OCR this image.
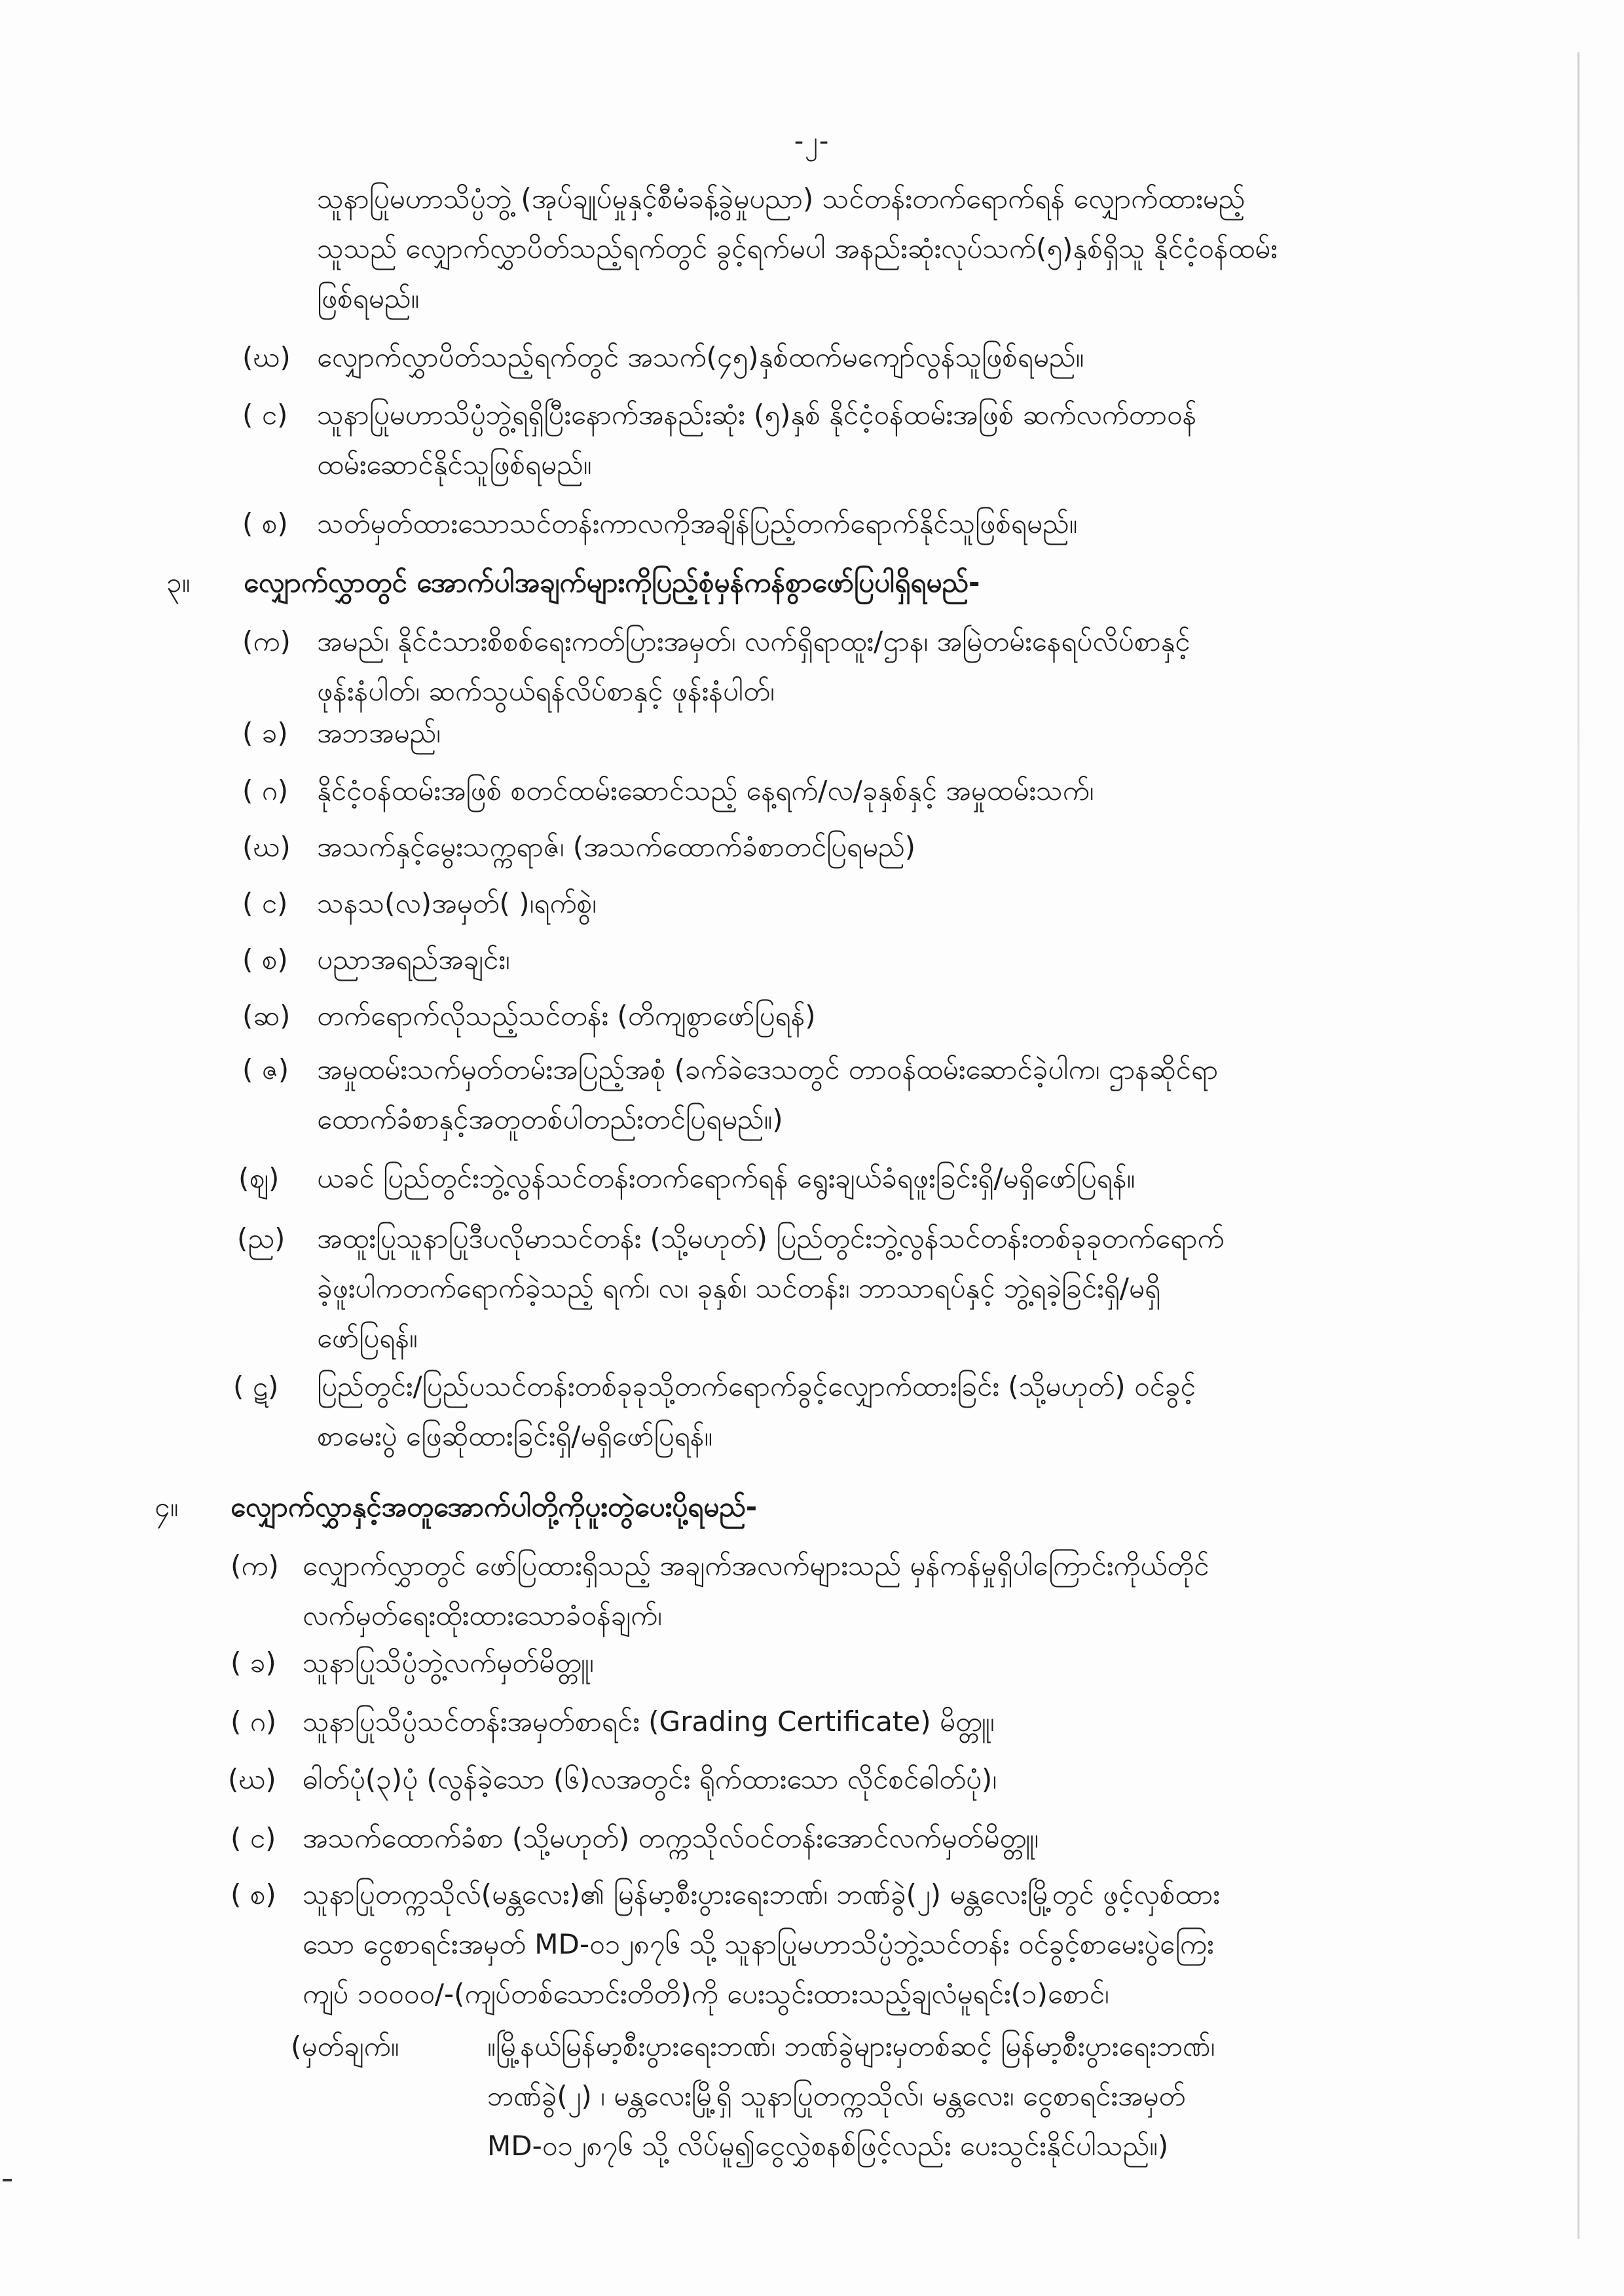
-၂-
သူနာပြုမဟာသိပ္ပံဘွဲ့ (အုပ်ချုပ်မှုနှင့်စီမံခန့်ခွဲမှုပညာ) သင်တန်းတက်ရောက်ရန် လျှောက်ထားမည့်
သူသည် လျှောက်လွှာပိတ်သည့်ရက်တွင် ခွင့်ရက်မပါ အနည်းဆုံးလုပ်သက်(၅)နှစ်ရှိသူ နိုင်ငံ့ဝန်ထမ်း
ဖြစ်ရမည်။
(ဃ) လျှောက်လွှာပိတ်သည့်ရက်တွင် အသက်(၄၅)နှစ်ထက်မကျော်လွန်သူဖြစ်ရမည်။
( င) သူနာပြုမဟာသိပ္ပံဘွဲ့ရရှိပြီးနောက်အနည်းဆုံး (၅)နှစ် နိုင်ငံ့ဝန်ထမ်းအဖြစ် ဆက်လက်တာဝန်
ထမ်းဆောင်နိုင်သူဖြစ်ရမည်။
( စ) သတ်မှတ်ထားသောသင်တန်းကာလကိုအချိန်ပြည့်တက်ရောက်နိုင်သူဖြစ်ရမည်။
၃။ လျှောက်လွှာတွင် အောက်ပါအချက်များကိုပြည့်စုံမှန်ကန်စွာဖော်ပြပါရှိရမည်-
(က) အမည်၊ နိုင်ငံသားစိစစ်ရေးကတ်ပြားအမှတ်၊ လက်ရှိရာထူး/ဌာန၊ အမြဲတမ်းနေရပ်လိပ်စာနှင့်
ဖုန်းနံပါတ်၊ ဆက်သွယ်ရန်လိပ်စာနှင့် ဖုန်းနံပါတ်၊
( ခ) အဘအမည်၊
( ဂ) နိုင်ငံ့ဝန်ထမ်းအဖြစ် စတင်ထမ်းဆောင်သည့် နေ့ရက်/လ/ခုနှစ်နှင့် အမှုထမ်းသက်၊
(ဃ) အသက်နှင့်မွေးသက္ကရာဇ်၊ (အသက်ထောက်ခံစာတင်ပြရမည်)
( င) သနသ(လ)အမှတ်( )၊ရက်စွဲ၊
( စ) ပညာအရည်အချင်း၊
(ဆ) တက်ရောက်လိုသည့်သင်တန်း (တိကျစွာဖော်ပြရန်)
( ဇ) အမှုထမ်းသက်မှတ်တမ်းအပြည့်အစုံ (ခက်ခဲဒေသတွင် တာဝန်ထမ်းဆောင်ခဲ့ပါက၊ ဌာနဆိုင်ရာ
ထောက်ခံစာနှင့်အတူတစ်ပါတည်းတင်ပြရမည်။)
(ဈ) ယခင် ပြည်တွင်းဘွဲ့လွန်သင်တန်းတက်ရောက်ရန် ရွေးချယ်ခံရဖူးခြင်းရှိ/မရှိဖော်ပြရန်။
(ည) အထူးပြုသူနာပြုဒီပလိုမာသင်တန်း (သို့မဟုတ်) ပြည်တွင်းဘွဲ့လွန်သင်တန်းတစ်ခုခုတက်ရောက်
ခဲ့ဖူးပါကတက်ရောက်ခဲ့သည့် ရက်၊ လ၊ ခုနှစ်၊ သင်တန်း၊ ဘာသာရပ်နှင့် ဘွဲ့ရခဲ့ခြင်းရှိ/မရှိ
ဖော်ပြရန်။
( ဋ) ပြည်တွင်း/ပြည်ပသင်တန်းတစ်ခုခုသို့တက်ရောက်ခွင့်လျှောက်ထားခြင်း (သို့မဟုတ်) ဝင်ခွင့်
စာမေးပွဲ ဖြေဆိုထားခြင်းရှိ/မရှိဖော်ပြရန်။
၄။ လျှောက်လွှာနှင့်အတူအောက်ပါတို့ကိုပူးတွဲပေးပို့ရမည်-
(က) လျှောက်လွှာတွင် ဖော်ပြထားရှိသည့် အချက်အလက်များသည် မှန်ကန်မှုရှိပါကြောင်းကိုယ်တိုင်
လက်မှတ်ရေးထိုးထားသောခံဝန်ချက်၊
( ခ) သူနာပြုသိပ္ပံဘွဲ့လက်မှတ်မိတ္တူ၊
( ဂ) သူနာပြုသိပ္ပံသင်တန်းအမှတ်စာရင်း (Grading Certificate) မိတ္တူ၊
(ဃ) ဓါတ်ပုံ(၃)ပုံ (လွန်ခဲ့သော (၆)လအတွင်း ရိုက်ထားသော လိုင်စင်ဓါတ်ပုံ)၊
( င) အသက်ထောက်ခံစာ (သို့မဟုတ်) တက္ကသိုလ်ဝင်တန်းအောင်လက်မှတ်မိတ္တူ၊
( စ) သူနာပြုတက္ကသိုလ်(မန္တလေး)၏ မြန်မာ့စီးပွားရေးဘဏ်၊ ဘဏ်ခွဲ(၂) မန္တလေးမြို့တွင် ဖွင့်လှစ်ထား
သော ငွေစာရင်းအမှတ် MD-၀၁၂၈၇၆ သို့ သူနာပြုမဟာသိပ္ပံဘွဲ့သင်တန်း ဝင်ခွင့်စာမေးပွဲကြေး
ကျပ် ၁၀၀၀၀/-(ကျပ်တစ်သောင်းတိတိ)ကို ပေးသွင်းထားသည့်ချလံမူရင်း(၁)စောင်၊
(မှတ်ချက်။	။မြို့နယ်မြန်မာ့စီးပွားရေးဘဏ်၊ ဘဏ်ခွဲများမှတစ်ဆင့် မြန်မာ့စီးပွားရေးဘဏ်၊
ဘဏ်ခွဲ(၂) ၊ မန္တလေးမြို့ရှိ သူနာပြုတက္ကသိုလ်၊ မန္တလေး၊ ငွေစာရင်းအမှတ်
MD-၀၁၂၈၇၆ သို့ လိပ်မူ၍ငွေလွှဲစနစ်ဖြင့်လည်း ပေးသွင်းနိုင်ပါသည်။)
